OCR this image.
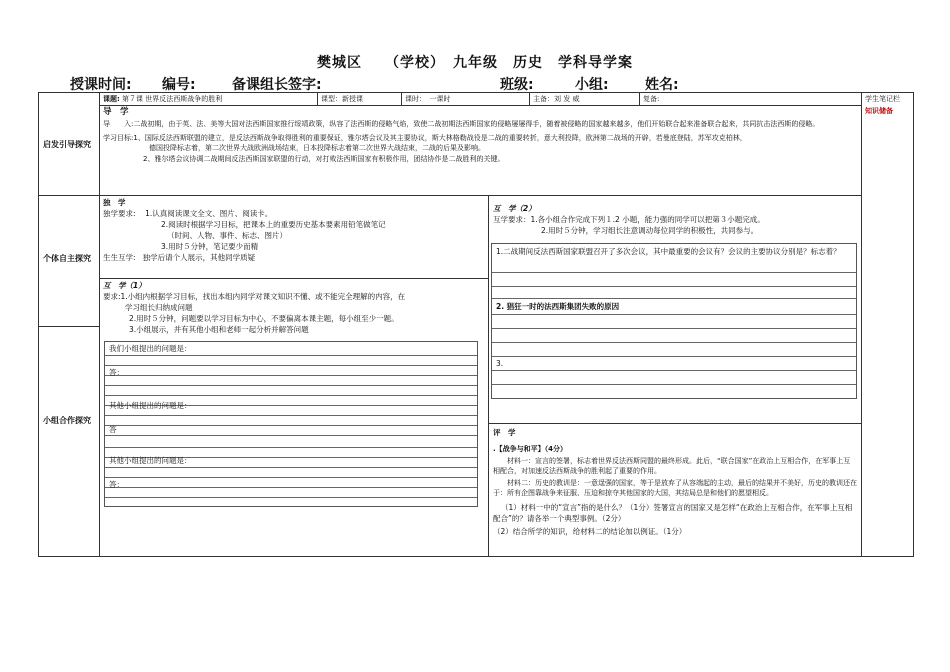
樊城区　　（学校）　九年级　历史　学科导学案
授课时间: 编号:	备课组长签字:	班级:	小组:	姓名:
课题: 第７课 世界反法西斯战争的胜利	课型：新授课	课时：　一课时	主备：刘 发 威	复备:	学生笔记栏
知识储备
启发引导探究
个体自主探究
小组合作探究
导　学
导　　入:二战初期，由于英、法、美等大国对法西斯国家推行绥靖政策，纵容了法西斯的侵略气焰，致使二战初期法西斯国家的侵略屡屡得手，随着被侵略的国家越来越多，他们开始联合起来准备联合起来，共同抗击法西斯的侵略。
学习目标:1、国际反法西斯联盟的建立，是反法西斯战争取得胜利的重要保证，雅尔塔会议及其主要协议，斯大林格勒战役是二战的重要转折，意大利投降，欧洲第二战场的开辟，若曼底登陆，苏军攻克柏林，
德国投降标志着，第二次世界大战欧洲战场结束，日本投降标志着第二次世界大战结束，二战的后果及影响。
2、雅尔塔会议协调二战期间反法西斯国家联盟的行动，对打败法西斯国家有积极作用，团结协作是二战胜利的关键。
独　学
独学要求: 1.认真阅读课文全文、图片、阅读卡。
2.阅读时根据学习目标，把课本上的重要历史基本要素用铅笔做笔记
（时间、人物、事件、标志、图片）
3.用时５分钟，笔记要少而精
生生互学: 独学后请个人展示，其他同学质疑
互　学（1）
要求:1.小组内根据学习目标，找出本组内同学对课文知识不懂、或不能完全理解的内容，在
学习组长归纳成问题
2.用时５分钟，问题要以学习目标为中心，不要偏离本课主题，每小组至少一题。
3.小组展示，并有其他小组和老师一起分析并解答问题
我们小组提出的问题是：
答：
其他小组提出的问题是：
答
其他小组提出的问题是：
答：
互　学（2）
互学要求：1.各小组合作完成下列１.2 小题，能力强的同学可以把第３小题完成。
2.用时５分钟，学习组长注意调动每位同学的积极性，共同参与。
1.二战期间反法西斯国家联盟召开了多次会议，其中最重要的会议有？会议的主要协议分别是？标志着？
2. 猖狂一时的法西斯集团失败的原因
3.
评　学
.【战争与和平】（4分）
材料一：宣言的签署，标志着世界反法西斯同盟的最终形成。此后，“联合国家”在政治上互相合作，在军事上互相配合，对加速反法西斯战争的胜利起了重要的作用。
材料二：历史的教训是：一意逞强的国家，等于是放弃了从容端起的主动，最后的结果并不美好，历史的教训还在于：所有企图靠战争来征服、压迫和掠夺其他国家的大国，其结局总是和他们的愿望相反。
（1）材料一中的“宣言”指的是什么？（1分）签署宣言的国家又是怎样“在政治上互相合作，在军事上互相配合”的？请各举一个典型事例。（2分）
（2）结合所学的知识，给材料二的结论加以例证。（1分）
